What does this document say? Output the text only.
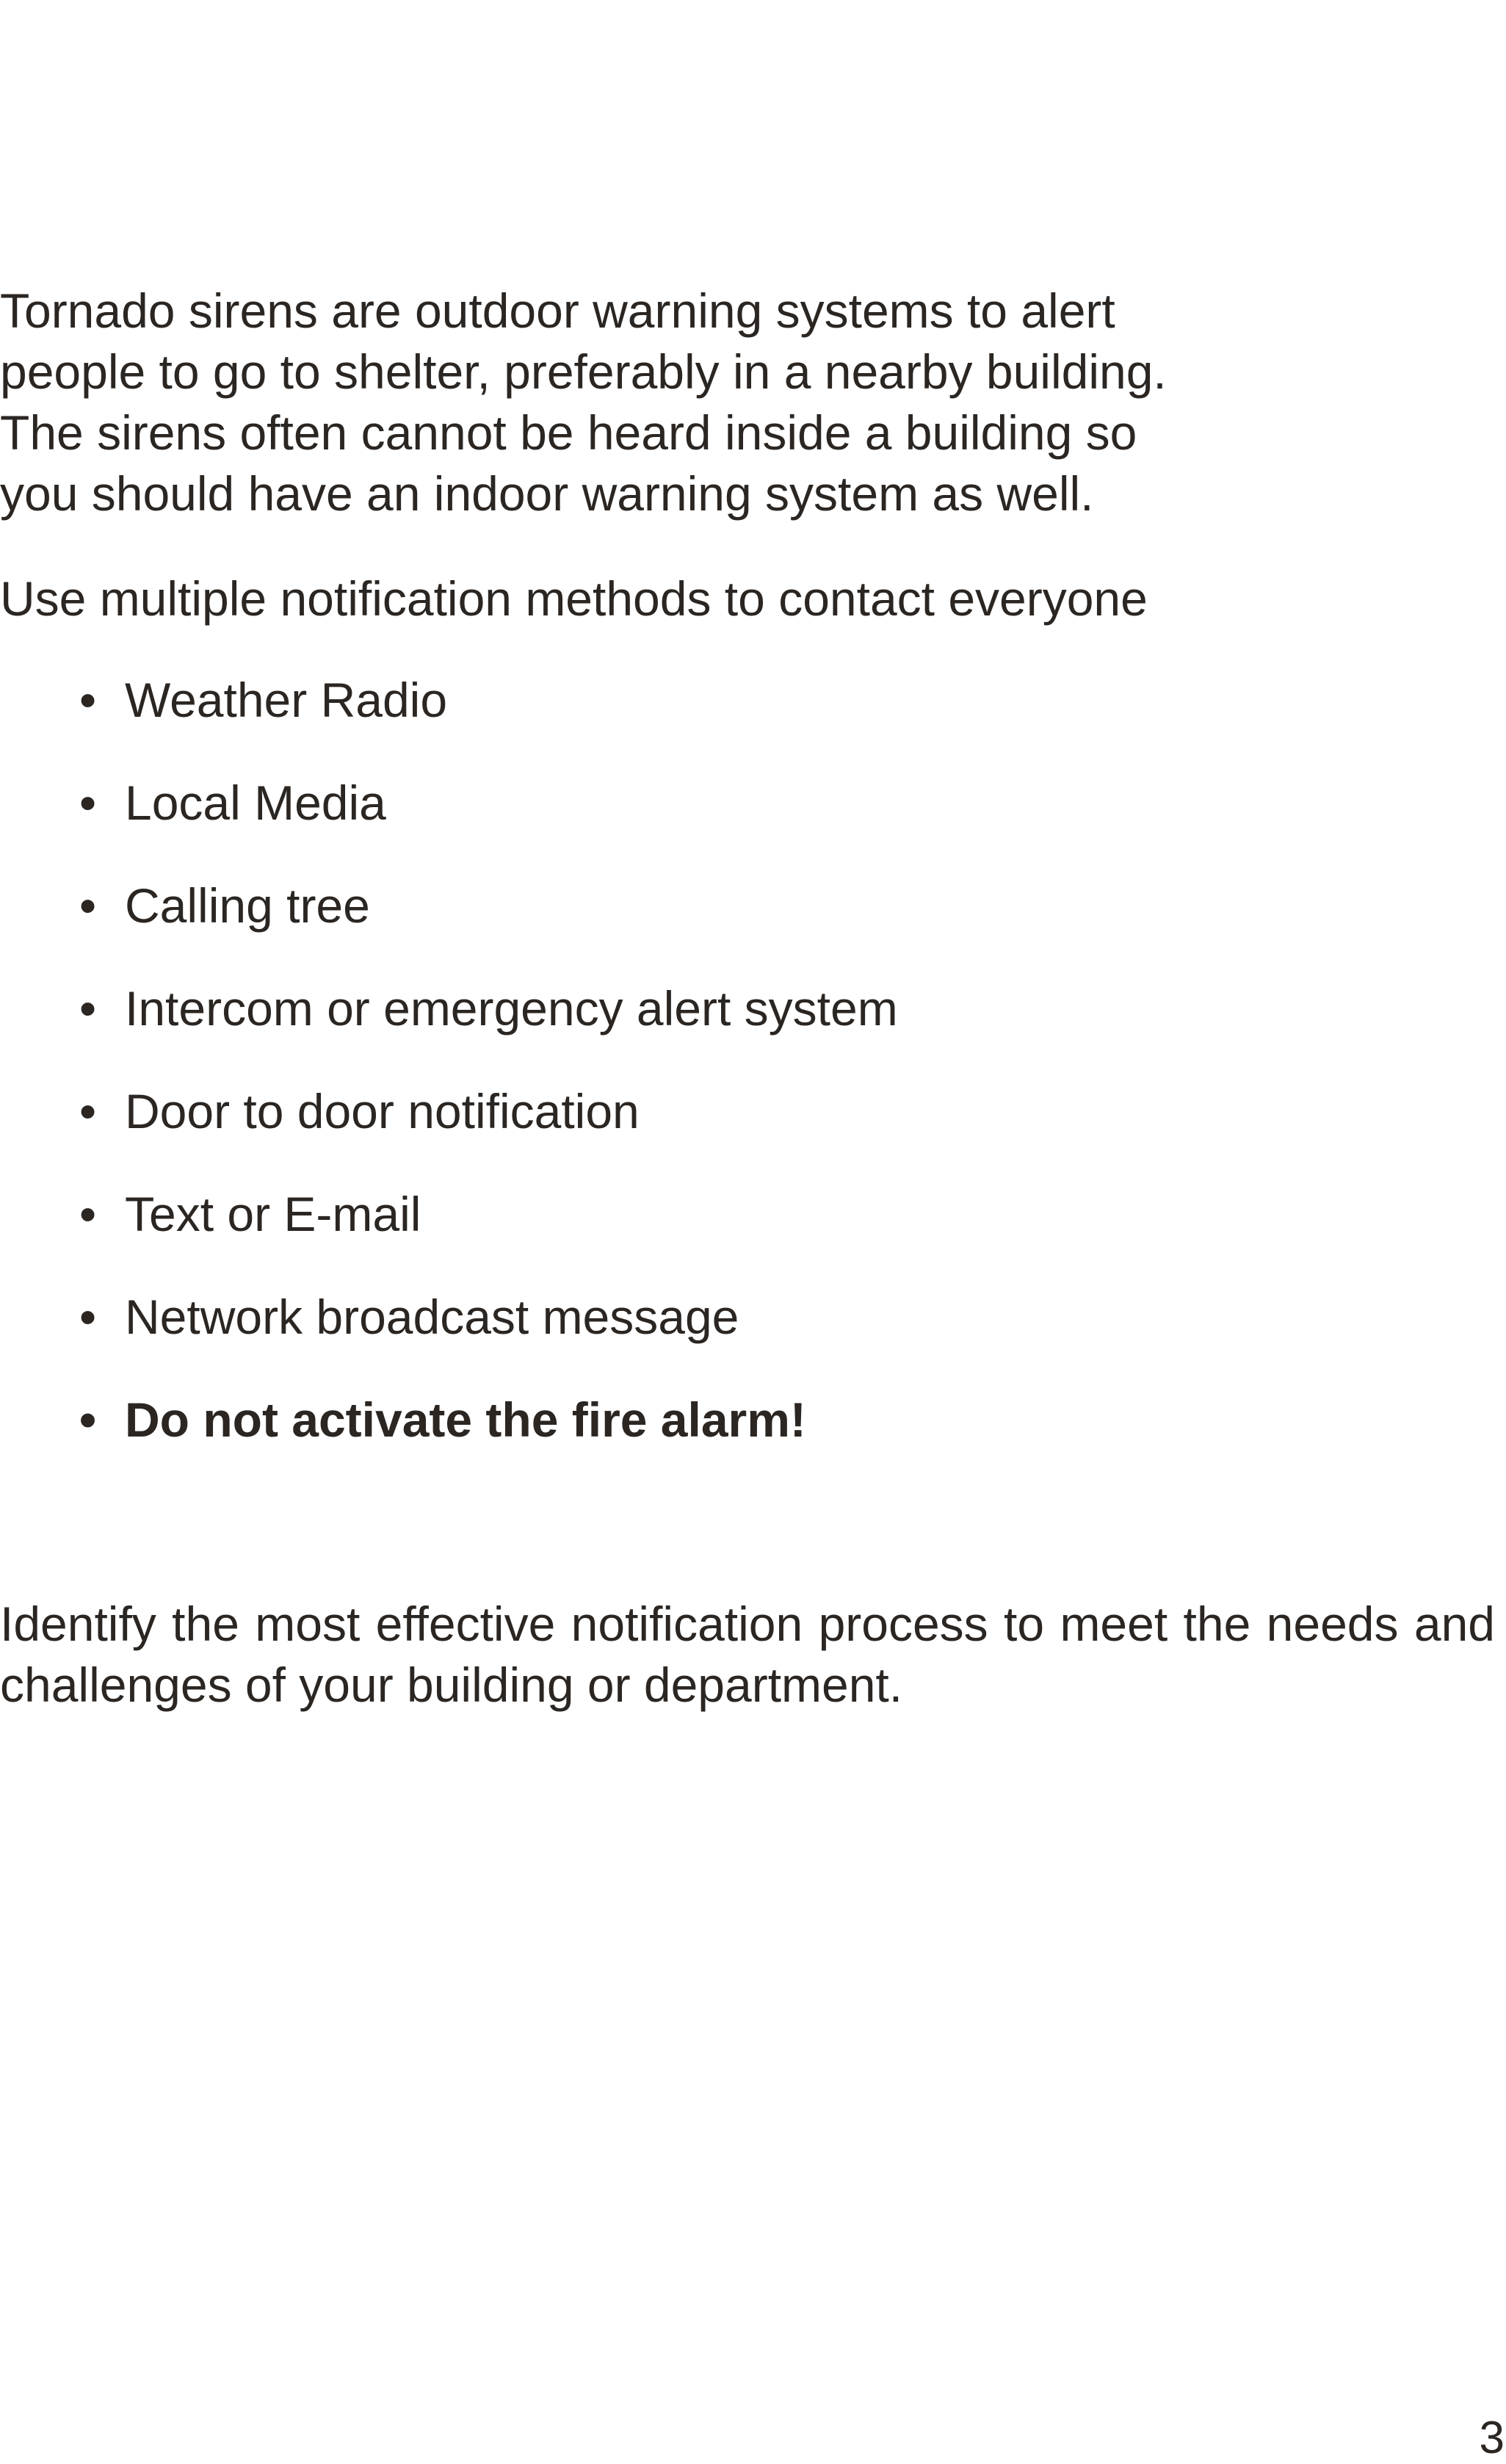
Tornado sirens are outdoor warning systems to alert
people to go to shelter, preferably in a nearby building.
The sirens often cannot be heard inside a building so
you should have an indoor warning system as well.

Use multiple notification methods to contact everyone

• Weather Radio
• Local Media
• Calling tree
• Intercom or emergency alert system
• Door to door notification
• Text or E-mail
• Network broadcast message
• Do not activate the fire alarm!

Identify the most effective notification process to meet the needs and challenges of your building or department.

3
